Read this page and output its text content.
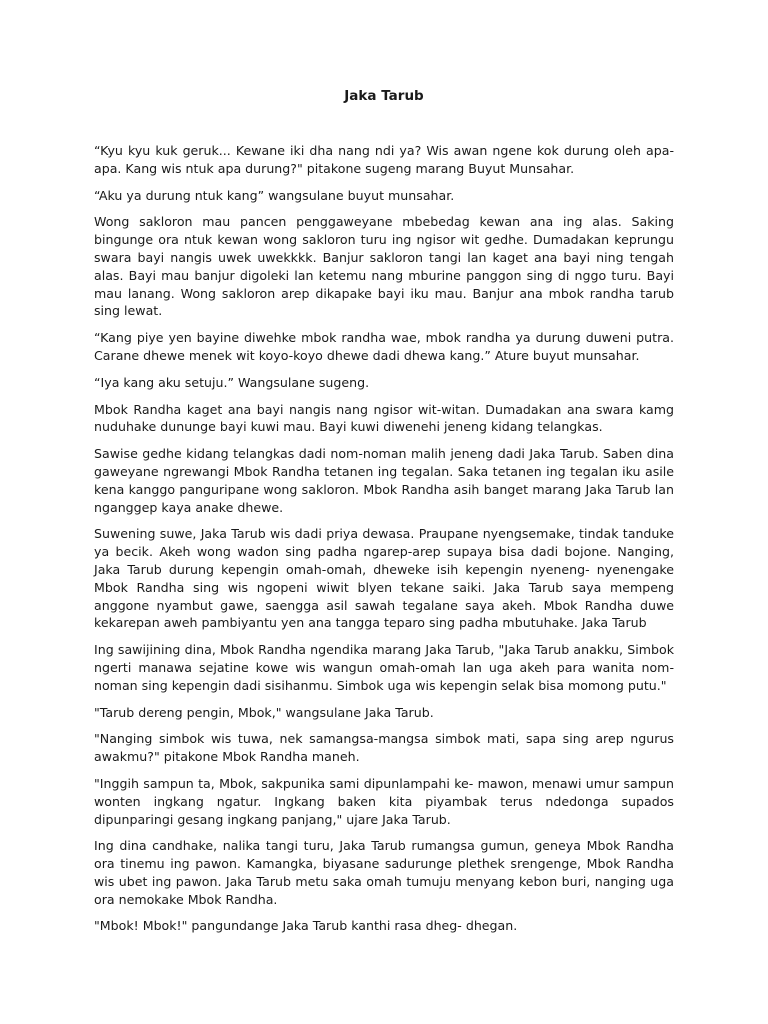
Jaka Tarub

“Kyu kyu kuk geruk... Kewane iki dha nang ndi ya? Wis awan ngene kok durung oleh apa-apa. Kang wis ntuk apa durung?" pitakone sugeng marang Buyut Munsahar.

“Aku ya durung ntuk kang” wangsulane buyut munsahar.

Wong sakloron mau pancen penggaweyane mbebedag kewan ana ing alas. Saking bingunge ora ntuk kewan wong sakloron turu ing ngisor wit gedhe. Dumadakan keprungu swara bayi nangis uwek uwekkkk. Banjur sakloron tangi lan kaget ana bayi ning tengah alas. Bayi mau banjur digoleki lan ketemu nang mburine panggon sing di nggo turu. Bayi mau lanang. Wong sakloron arep dikapake bayi iku mau. Banjur ana mbok randha tarub sing lewat.

“Kang piye yen bayine diwehke mbok randha wae, mbok randha ya durung duweni putra. Carane dhewe menek wit koyo-koyo dhewe dadi dhewa kang.” Ature buyut munsahar.

“Iya kang aku setuju.” Wangsulane sugeng.

Mbok Randha kaget ana bayi nangis nang ngisor wit-witan. Dumadakan ana swara kamg nuduhake dunungе bayi kuwi mau. Bayi kuwi diwenehi jeneng kidang telangkas.

Sawise gedhe kidang telangkas dadi nom-noman malih jeneng dadi Jaka Tarub. Saben dina gaweyane ngrewangi Mbok Randha tetanen ing tegalan. Saka tetanen ing tegalan iku asile kena kanggo panguripane wong sakloron. Mbok Randha asih banget marang Jaka Tarub lan nganggep kaya anake dhewe.

Suwening suwe, Jaka Tarub wis dadi priya dewasa. Praupane nyengsemake, tindak tanduke ya becik. Akeh wong wadon sing padha ngarep-arep supaya bisa dadi bojone. Nanging, Jaka Tarub durung kepengin omah-omah, dheweke isih kepengin nyeneng- nyenengake Mbok Randha sing wis ngopeni wiwit blyen tekane saiki. Jaka Tarub saya mempeng anggone nyambut gawe, saengga asil sawah tegalane saya akeh. Mbok Randha duwe kekarepan aweh pambiyantu yen ana tangga teparo sing padha mbutuhake. Jaka Tarub

Ing sawijining dina, Mbok Randha ngendika marang Jaka Tarub, "Jaka Tarub anakku, Simbok ngerti manawa sejatine kowe wis wangun omah-omah lan uga akeh para wanita nom-noman sing kepengin dadi sisihanmu. Simbok uga wis kepengin selak bisa momong putu."

"Tarub dereng pengin, Mbok," wangsulane Jaka Tarub.

"Nanging simbok wis tuwa, nek samangsa-mangsa simbok mati, sapa sing arep ngurus awakmu?" pitakone Mbok Randha maneh.

"Inggih sampun ta, Mbok, sakpunika sami dipunlampahi ke- mawon, menawi umur sampun wonten ingkang ngatur. Ingkang baken kita piyambak terus ndedonga supados dipunparingi gesang ingkang panjang," ujare Jaka Tarub.

Ing dina candhake, nalika tangi turu, Jaka Tarub rumangsa gumun, geneya Mbok Randha ora tinemu ing pawon. Kamangka, biyasane sadurunge plethek srengenge, Mbok Randha wis ubet ing pawon. Jaka Tarub metu saka omah tumuju menyang kebon buri, nanging uga ora nemokake Mbok Randha.

"Mbok! Mbok!" pangundange Jaka Tarub kanthi rasa dheg- dhegan.
